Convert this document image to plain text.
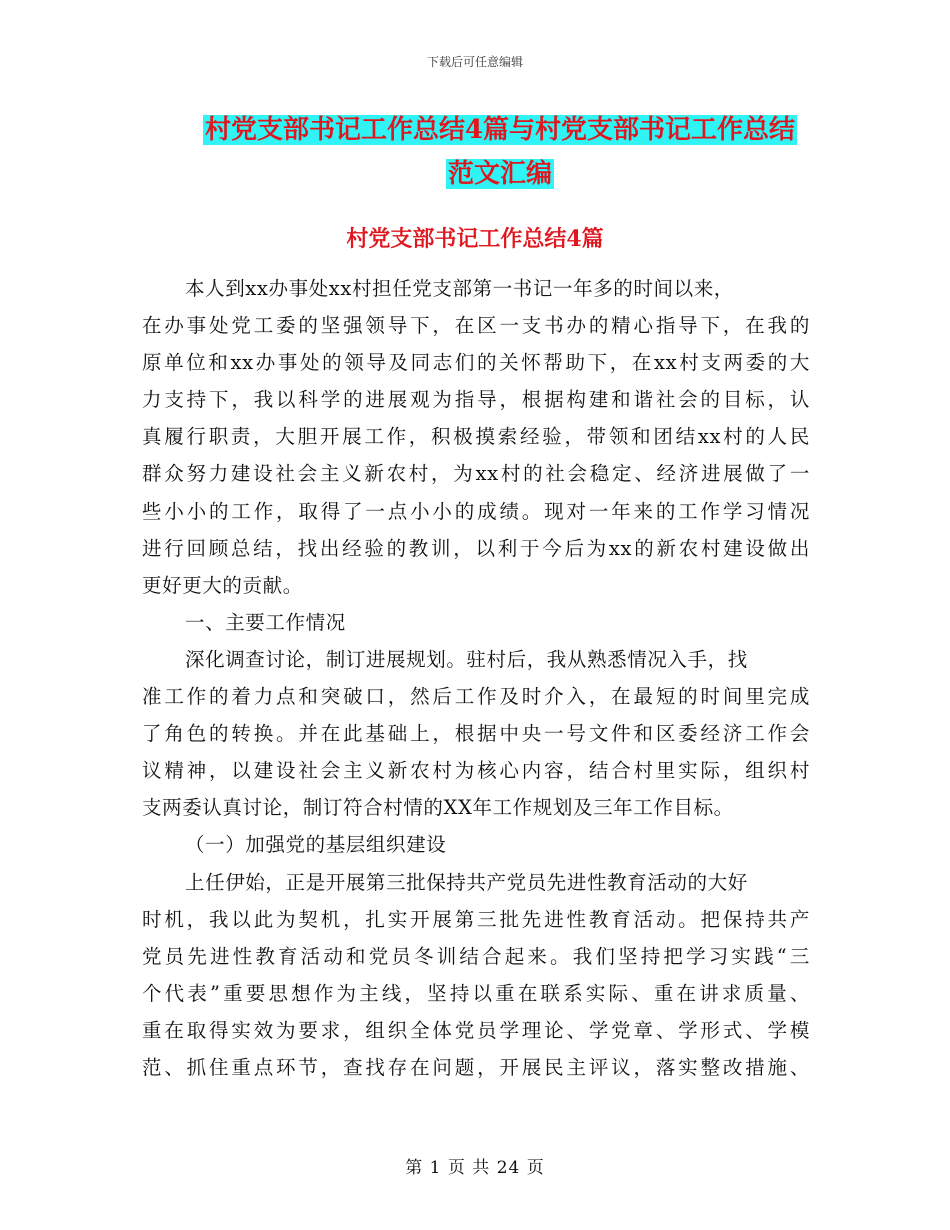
下载后可任意编辑
村党支部书记工作总结4篇与村党支部书记工作总结
范文汇编
村党支部书记工作总结4篇
本人到xx办事处xx村担任党支部第一书记一年多的时间以来，
在办事处党工委的坚强领导下，在区一支书办的精心指导下，在我的
原单位和xx办事处的领导及同志们的关怀帮助下，在xx村支两委的大
力支持下，我以科学的进展观为指导，根据构建和谐社会的目标，认
真履行职责，大胆开展工作，积极摸索经验，带领和团结xx村的人民
群众努力建设社会主义新农村，为xx村的社会稳定、经济进展做了一
些小小的工作，取得了一点小小的成绩。现对一年来的工作学习情况
进行回顾总结，找出经验的教训，以利于今后为xx的新农村建设做出
更好更大的贡献。
一、主要工作情况
深化调查讨论，制订进展规划。驻村后，我从熟悉情况入手，找
准工作的着力点和突破口，然后工作及时介入，在最短的时间里完成
了角色的转换。并在此基础上，根据中央一号文件和区委经济工作会
议精神，以建设社会主义新农村为核心内容，结合村里实际，组织村
支两委认真讨论，制订符合村情的XX年工作规划及三年工作目标。
（一）加强党的基层组织建设
上任伊始，正是开展第三批保持共产党员先进性教育活动的大好
时机，我以此为契机，扎实开展第三批先进性教育活动。把保持共产
党员先进性教育活动和党员冬训结合起来。我们坚持把学习实践“三
个代表”重要思想作为主线，坚持以重在联系实际、重在讲求质量、
重在取得实效为要求，组织全体党员学理论、学党章、学形式、学模
范、抓住重点环节，查找存在问题，开展民主评议，落实整改措施、
第 1 页 共 24 页
